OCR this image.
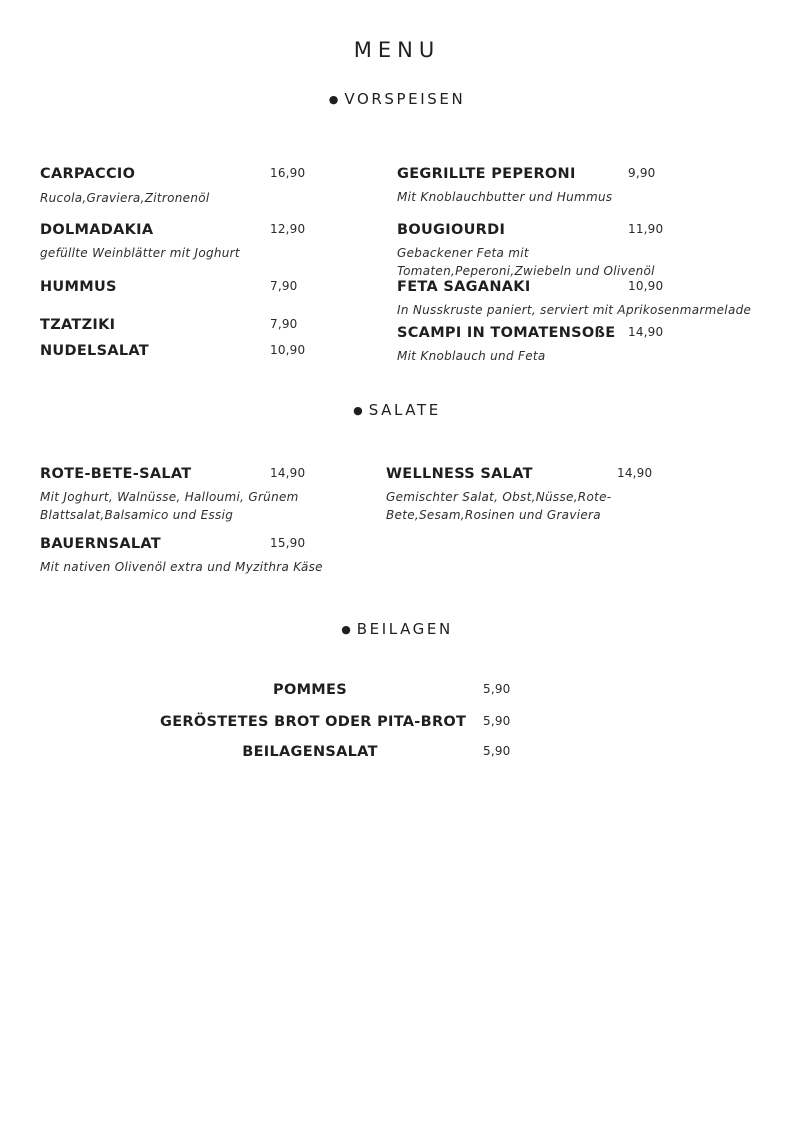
MENU
● VORSPEISEN
CARPACCIO	16,90
Rucola,Graviera,Zitronenöl
DOLMADAKIA	12,90
gefüllte Weinblätter mit Joghurt
HUMMUS	7,90
TZATZIKI	7,90
NUDELSALAT	10,90
GEGRILLTE PEPERONI	9,90
Mit Knoblauchbutter und Hummus
BOUGIOURDI	11,90
Gebackener Feta mit
Tomaten,Peperoni,Zwiebeln und Olivenöl
FETA SAGANAKI	10,90
In Nusskruste paniert, serviert mit Aprikosenmarmelade
SCAMPI IN TOMATENSOßE 14,90
Mit Knoblauch und Feta
● SALATE
ROTE-BETE-SALAT	14,90
Mit Joghurt, Walnüsse, Halloumi, Grünem
Blattsalat,Balsamico und Essig
BAUERNSALAT	15,90
Mit nativen Olivenöl extra und Myzithra Käse
WELLNESS SALAT	14,90
Gemischter Salat, Obst,Nüsse,Rote-
Bete,Sesam,Rosinen und Graviera
● BEILAGEN
POMMES	5,90
GERÖSTETES BROT ODER PITA-BROT 5,90
BEILAGENSALAT	5,90
